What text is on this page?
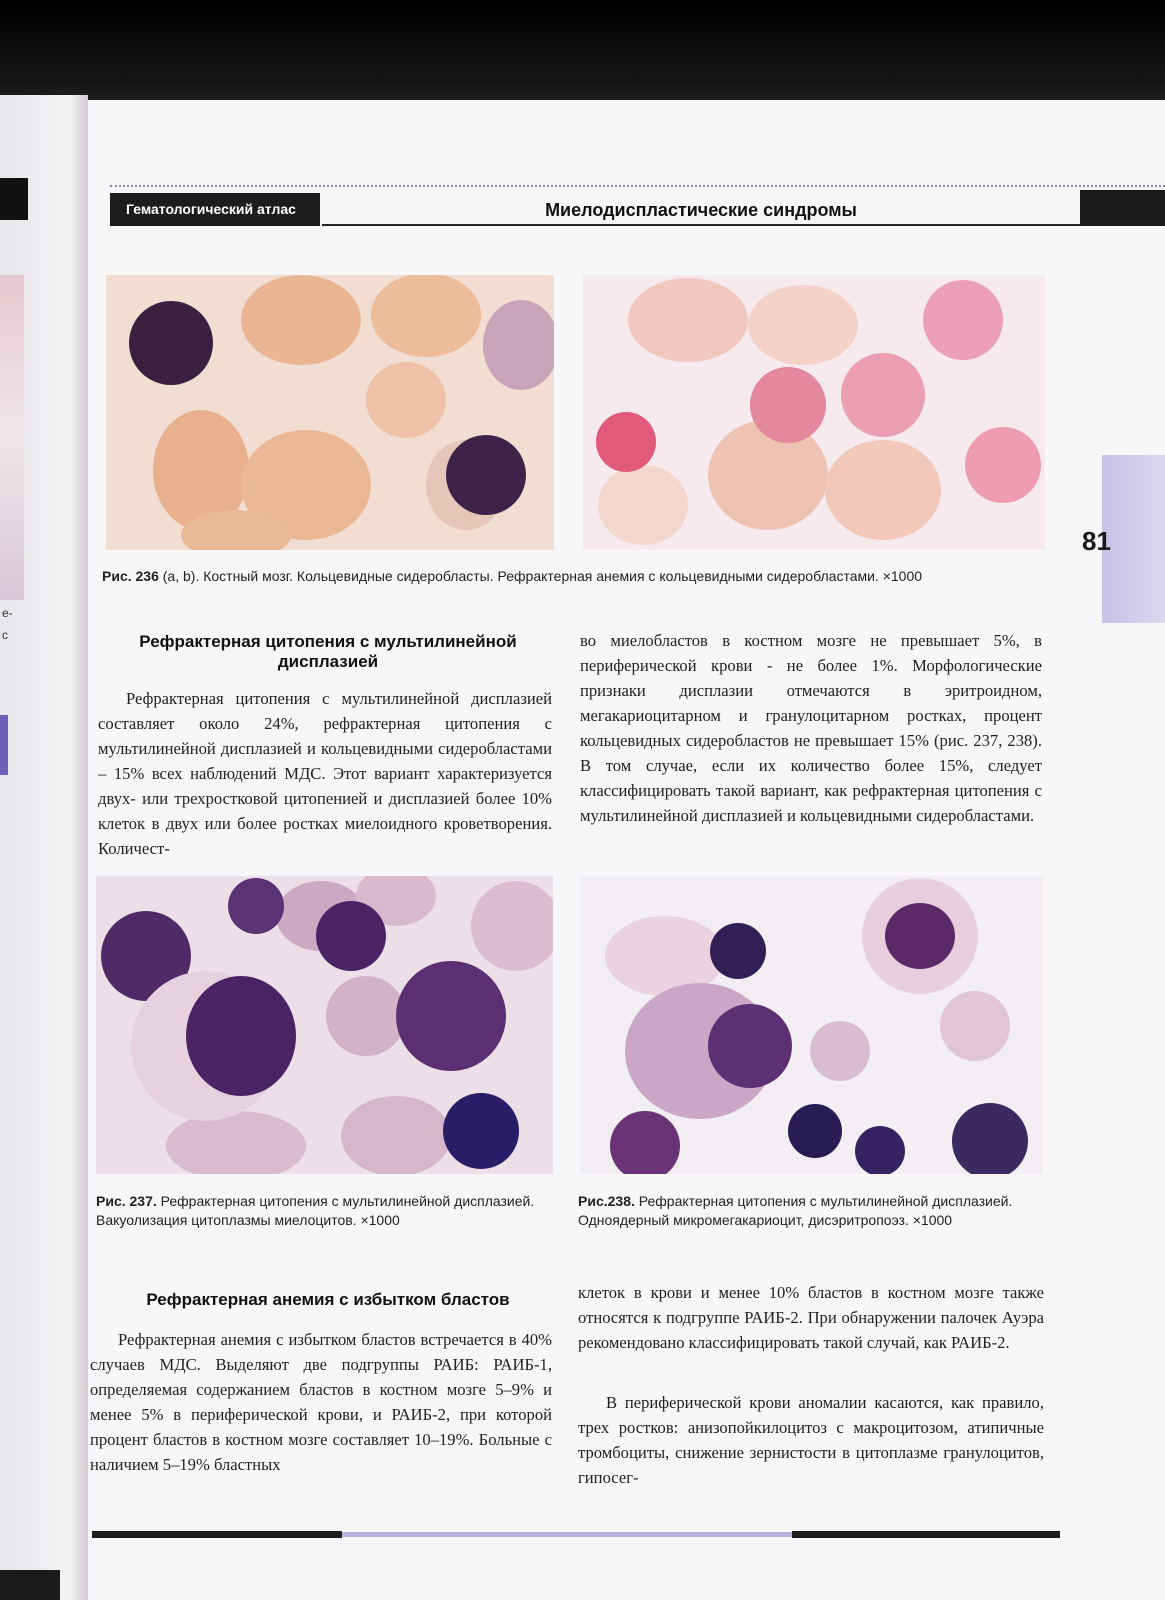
е-
с
Гематологический атлас	Миелодиспластические синдромы
81
Рис. 236 (a, b). Костный мозг. Кольцевидные сидеробласты. Рефрактерная анемия с кольцевидными сидеробластами. ×1000
Рефрактерная цитопения с мультилинейной дисплазией
Рефрактерная цитопения с мультилинейной дисплазией составляет около 24%, рефрактерная цитопения с мультилинейной дисплазией и кольцевидными сидеробластами – 15% всех наблюдений МДС. Этот вариант характеризуется двух- или трехростковой цитопенией и дисплазией более 10% клеток в двух или более ростках миелоидного кроветворения. Количест-
во миелобластов в костном мозге не превышает 5%, в периферической крови - не более 1%. Морфологические признаки дисплазии отмечаются в эритроидном, мегакариоцитарном и гранулоцитарном ростках, процент кольцевидных сидеробластов не превышает 15% (рис. 237, 238). В том случае, если их количество более 15%, следует классифицировать такой вариант, как рефрактерная цитопения с мультилинейной дисплазией и кольцевидными сидеробластами.
Рис. 237. Рефрактерная цитопения с мультилинейной дисплазией. Вакуолизация цитоплазмы миелоцитов. ×1000
Рис.238. Рефрактерная цитопения с мультилинейной дисплазией. Одноядерный микромегакариоцит, дисэритропоэз. ×1000
Рефрактерная анемия с избытком бластов
Рефрактерная анемия с избытком бластов встречается в 40% случаев МДС. Выделяют две подгруппы РАИБ: РАИБ-1, определяемая содержанием бластов в костном мозге 5–9% и менее 5% в периферической крови, и РАИБ-2, при которой процент бластов в костном мозге составляет 10–19%. Больные с наличием 5–19% бластных
клеток в крови и менее 10% бластов в костном мозге также относятся к подгруппе РАИБ-2. При обнаружении палочек Ауэра рекомендовано классифицировать такой случай, как РАИБ-2.
В периферической крови аномалии касаются, как правило, трех ростков: анизопойкилоцитоз с макроцитозом, атипичные тромбоциты, снижение зернистости в цитоплазме гранулоцитов, гипосег-
